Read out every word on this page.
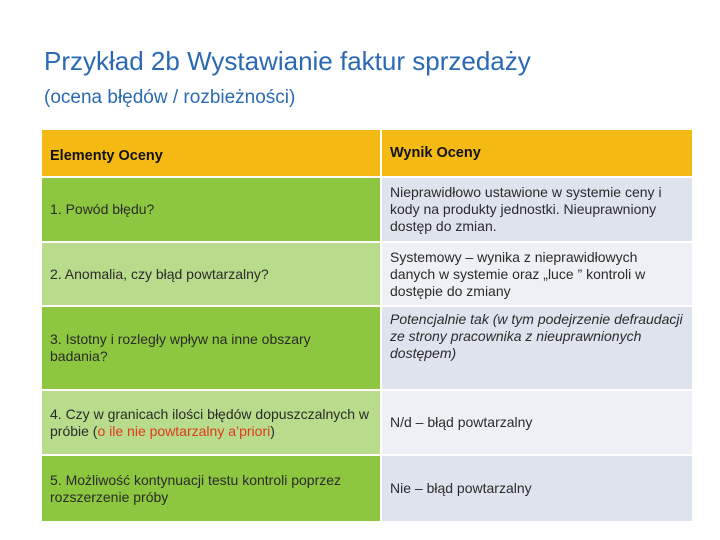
Przykład 2b Wystawianie faktur sprzedaży
(ocena błędów / rozbieżności)
Elementy Oceny	Wynik Oceny
1. Powód błędu?	Nieprawidłowo ustawione w systemie ceny i kody na produkty jednostki. Nieuprawniony dostęp do zmian.
2. Anomalia, czy błąd powtarzalny?	Systemowy – wynika z nieprawidłowych danych w systemie oraz „luce ” kontroli w dostępie do zmiany
3. Istotny i rozległy wpływ na inne obszary badania?	Potencjalnie tak (w tym podejrzenie defraudacji ze strony pracownika z nieuprawnionych dostępem)
4. Czy w granicach ilości błędów dopuszczalnych w próbie (o ile nie powtarzalny a’priori)	N/d – błąd powtarzalny
5. Możliwość kontynuacji testu kontroli poprzez rozszerzenie próby	Nie – błąd powtarzalny
